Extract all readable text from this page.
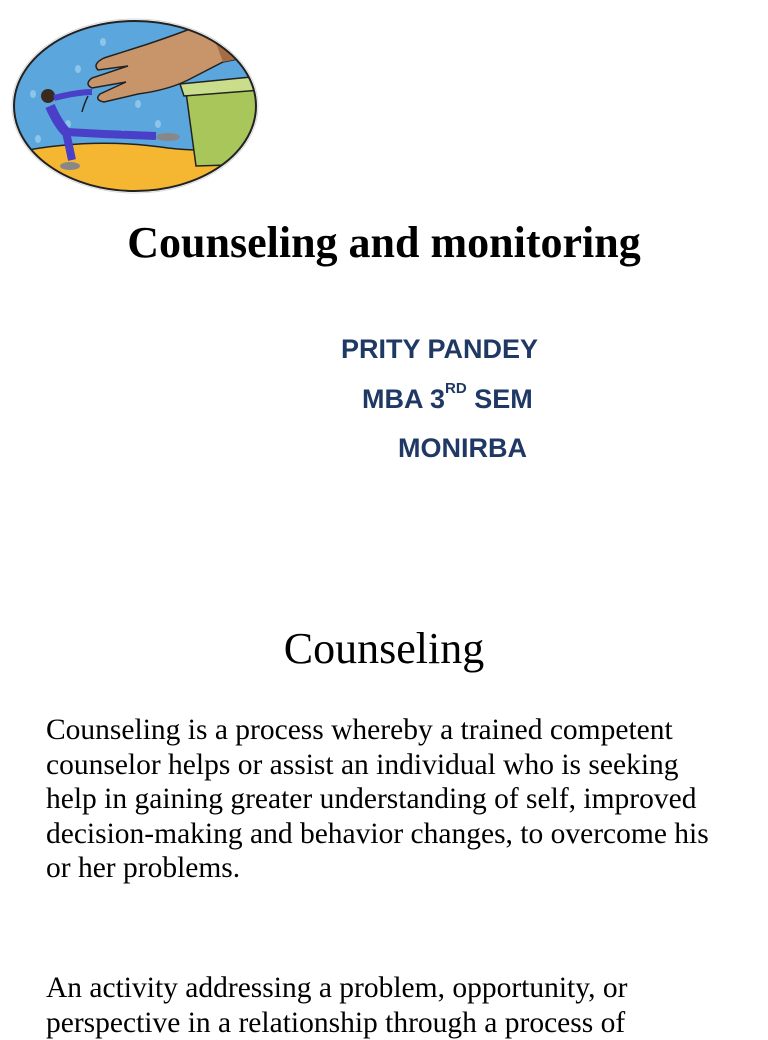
Counseling and monitoring
PRITY PANDEY
MBA 3RD SEM
MONIRBA
Counseling

Counseling is a process whereby a trained competent counselor helps or assist an individual who is seeking help in gaining greater understanding of self, improved decision-making and behavior changes, to overcome his or her problems.

An activity addressing a problem, opportunity, or perspective in a relationship through a process of
